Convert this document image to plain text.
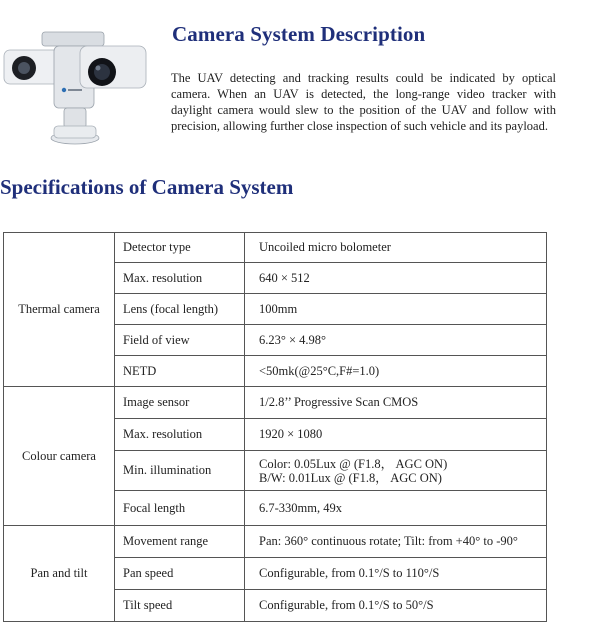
Camera System Description

The UAV detecting and tracking results could be indicated by optical camera. When an UAV is detected, the long-range video tracker with daylight camera would slew to the position of the UAV and follow with precision, allowing further close inspection of such vehicle and its payload.

Specifications of Camera System
Thermal camera	Detector type	Uncoiled micro bolometer
	Max. resolution	640 × 512
	Lens (focal length)	100mm
	Field of view	6.23° × 4.98°
	NETD	<50mk(@25°C,F#=1.0)
Colour camera	Image sensor	1/2.8’’ Progressive Scan CMOS
	Max. resolution	1920 × 1080
	Min. illumination	Color: 0.05Lux @ (F1.8， AGC ON)
B/W: 0.01Lux @ (F1.8， AGC ON)

	Focal length	6.7-330mm, 49x
Pan and tilt	Movement range	Pan: 360° continuous rotate; Tilt: from +40° to -90°
	Pan speed	Configurable, from 0.1°/S to 110°/S
	Tilt speed	Configurable, from 0.1°/S to 50°/S
